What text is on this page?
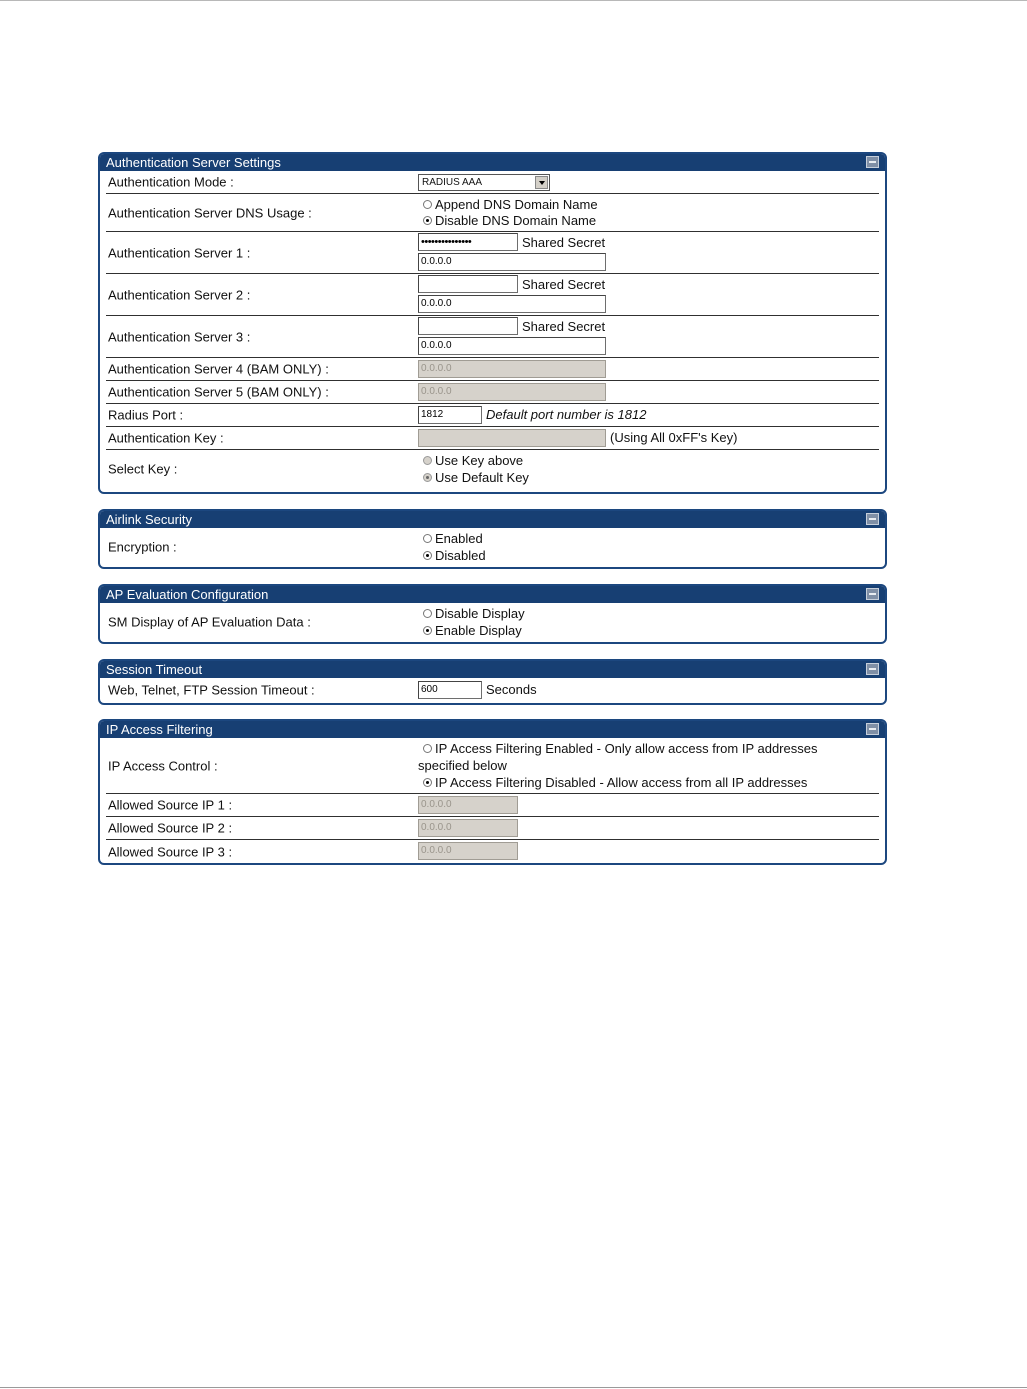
Authentication Server Settings
Authentication Mode :	RADIUS AAA
Authentication Server DNS Usage :
Append DNS Domain Name
Disable DNS Domain Name
Authentication Server 1 :
•••••••••••••••	Shared Secret
0.0.0.0
Authentication Server 2 :
Shared Secret
0.0.0.0
Authentication Server 3 :
Shared Secret
0.0.0.0
Authentication Server 4 (BAM ONLY) :	0.0.0.0
Authentication Server 5 (BAM ONLY) :	0.0.0.0
Radius Port :	1812	Default port number is 1812
Authentication Key :	(Using All 0xFF's Key)
Select Key :
Use Key above
Use Default Key
Airlink Security
Encryption :
Enabled
Disabled
AP Evaluation Configuration
SM Display of AP Evaluation Data :
Disable Display
Enable Display
Session Timeout
Web, Telnet, FTP Session Timeout :	600	Seconds
IP Access Filtering
IP Access Control :
IP Access Filtering Enabled - Only allow access from IP addresses
specified below
IP Access Filtering Disabled - Allow access from all IP addresses
Allowed Source IP 1 :	0.0.0.0
Allowed Source IP 2 :	0.0.0.0
Allowed Source IP 3 :	0.0.0.0
